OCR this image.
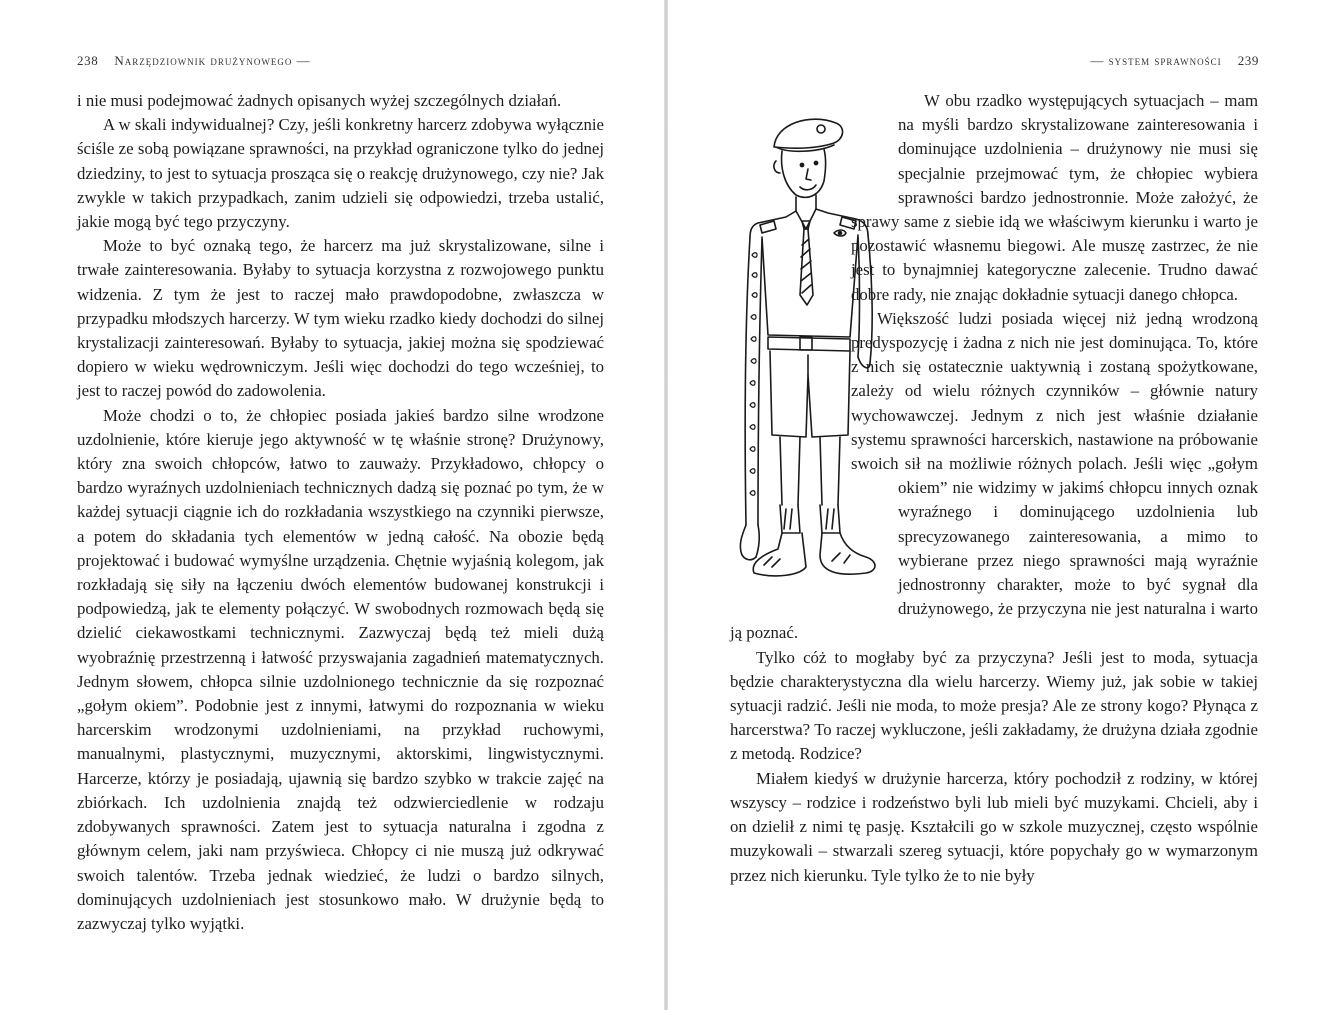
238 Narzędziownik drużynowego —

i nie musi podejmować żadnych opisanych wyżej szczególnych działań.

A w skali indywidualnej? Czy, jeśli konkretny harcerz zdobywa wyłącznie ściśle ze sobą powiązane sprawności, na przykład ograniczone tylko do jednej dziedziny, to jest to sytuacja prosząca się o reakcję drużynowego, czy nie? Jak zwykle w takich przypadkach, zanim udzieli się odpowiedzi, trzeba ustalić, jakie mogą być tego przyczyny.

Może to być oznaką tego, że harcerz ma już skrystalizowane, silne i trwałe zainteresowania. Byłaby to sytuacja korzystna z rozwojowego punktu widzenia. Z tym że jest to raczej mało prawdopodobne, zwłaszcza w przypadku młodszych harcerzy. W tym wieku rzadko kiedy dochodzi do silnej krystalizacji zainteresowań. Byłaby to sytuacja, jakiej można się spodziewać dopiero w wieku wędrowniczym. Jeśli więc dochodzi do tego wcześniej, to jest to raczej powód do zadowolenia.

Może chodzi o to, że chłopiec posiada jakieś bardzo silne wrodzone uzdolnienie, które kieruje jego aktywność w tę właśnie stronę? Drużynowy, który zna swoich chłopców, łatwo to zauważy. Przykładowo, chłopcy o bardzo wyraźnych uzdolnieniach technicznych dadzą się poznać po tym, że w każdej sytuacji ciągnie ich do rozkładania wszystkiego na czynniki pierwsze, a potem do składania tych elementów w jedną całość. Na obozie będą projektować i budować wymyślne urządzenia. Chętnie wyjaśnią kolegom, jak rozkładają się siły na łączeniu dwóch elementów budowanej konstrukcji i podpowiedzą, jak te elementy połączyć. W swobodnych rozmowach będą się dzielić ciekawostkami technicznymi. Zazwyczaj będą też mieli dużą wyobraźnię przestrzenną i łatwość przyswajania zagadnień matematycznych. Jednym słowem, chłopca silnie uzdolnionego technicznie da się rozpoznać „gołym okiem”. Podobnie jest z innymi, łatwymi do rozpoznania w wieku harcerskim wrodzonymi uzdolnieniami, na przykład ruchowymi, manualnymi, plastycznymi, muzycznymi, aktorskimi, lingwistycznymi. Harcerze, którzy je posiadają, ujawnią się bardzo szybko w trakcie zajęć na zbiórkach. Ich uzdolnienia znajdą też odzwierciedlenie w rodzaju zdobywanych sprawności. Zatem jest to sytuacja naturalna i zgodna z głównym celem, jaki nam przyświeca. Chłopcy ci nie muszą już odkrywać swoich talentów. Trzeba jednak wiedzieć, że ludzi o bardzo silnych, dominujących uzdolnieniach jest stosunkowo mało. W drużynie będą to zazwyczaj tylko wyjątki.

— system sprawności 239

W obu rzadko występujących sytuacjach – mam na myśli bardzo skrystalizowane zainteresowania i dominujące uzdolnienia – drużynowy nie musi się specjalnie przejmować tym, że chłopiec wybiera sprawności bardzo jednostronnie. Może założyć, że sprawy same z siebie idą we właściwym kierunku i warto je pozostawić własnemu biegowi. Ale muszę zastrzec, że nie jest to bynajmniej kategoryczne zalecenie. Trudno dawać dobre rady, nie znając dokładnie sytuacji danego chłopca.

Większość ludzi posiada więcej niż jedną wrodzoną predyspozycję i żadna z nich nie jest dominująca. To, które z nich się ostatecznie uaktywnią i zostaną spożytkowane, zależy od wielu różnych czynników – głównie natury wychowawczej. Jednym z nich jest właśnie działanie systemu sprawności harcerskich, nastawione na próbowanie swoich sił na możliwie różnych polach. Jeśli więc „gołym okiem” nie widzimy w jakimś chłopcu innych oznak wyraźnego i dominującego uzdolnienia lub sprecyzowanego zainteresowania, a mimo to wybierane przez niego sprawności mają wyraźnie jednostronny charakter, może to być sygnał dla drużynowego, że przyczyna nie jest naturalna i warto ją poznać.

Tylko cóż to mogłaby być za przyczyna? Jeśli jest to moda, sytuacja będzie charakterystyczna dla wielu harcerzy. Wiemy już, jak sobie w takiej sytuacji radzić. Jeśli nie moda, to może presja? Ale ze strony kogo? Płynąca z harcerstwa? To raczej wykluczone, jeśli zakładamy, że drużyna działa zgodnie z metodą. Rodzice?

Miałem kiedyś w drużynie harcerza, który pochodził z rodziny, w której wszyscy – rodzice i rodzeństwo byli lub mieli być muzykami. Chcieli, aby i on dzielił z nimi tę pasję. Kształcili go w szkole muzycznej, często wspólnie muzykowali – stwarzali szereg sytuacji, które popychały go w wymarzonym przez nich kierunku. Tyle tylko że to nie były
